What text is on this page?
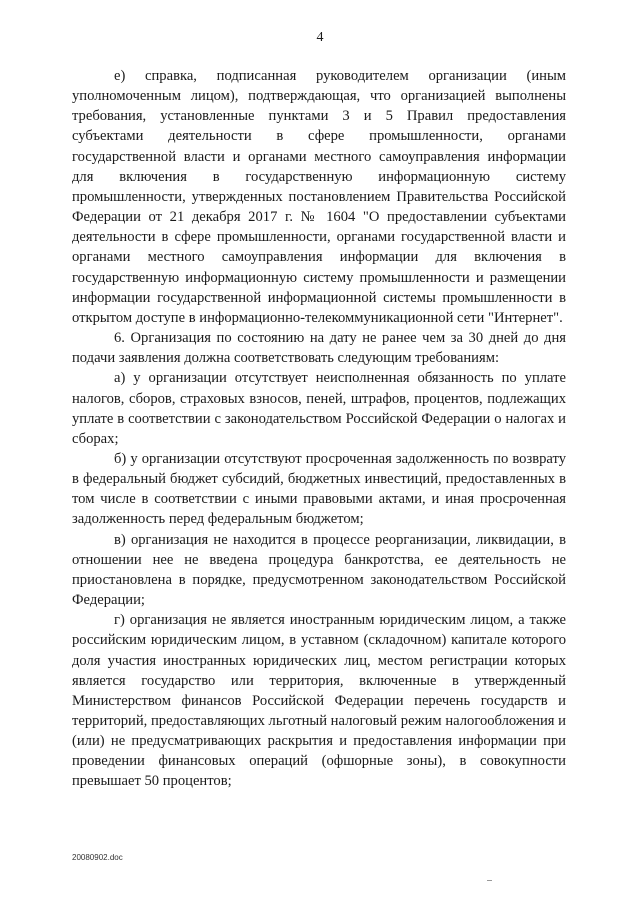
4

е) справка, подписанная руководителем организации (иным уполномоченным лицом), подтверждающая, что организацией выполнены требования, установленные пунктами 3 и 5 Правил предоставления субъектами деятельности в сфере промышленности, органами государственной власти и органами местного самоуправления информации для включения в государственную информационную систему промышленности, утвержденных постановлением Правительства Российской Федерации от 21 декабря 2017 г. № 1604 "О предоставлении субъектами деятельности в сфере промышленности, органами государственной власти и органами местного самоуправления информации для включения в государственную информационную систему промышленности и размещении информации государственной информационной системы промышленности в открытом доступе в информационно-телекоммуникационной сети "Интернет".

6. Организация по состоянию на дату не ранее чем за 30 дней до дня подачи заявления должна соответствовать следующим требованиям:

а) у организации отсутствует неисполненная обязанность по уплате налогов, сборов, страховых взносов, пеней, штрафов, процентов, подлежащих уплате в соответствии с законодательством Российской Федерации о налогах и сборах;

б) у организации отсутствуют просроченная задолженность по возврату в федеральный бюджет субсидий, бюджетных инвестиций, предоставленных в том числе в соответствии с иными правовыми актами, и иная просроченная задолженность перед федеральным бюджетом;

в) организация не находится в процессе реорганизации, ликвидации, в отношении нее не введена процедура банкротства, ее деятельность не приостановлена в порядке, предусмотренном законодательством Российской Федерации;

г) организация не является иностранным юридическим лицом, а также российским юридическим лицом, в уставном (складочном) капитале которого доля участия иностранных юридических лиц, местом регистрации которых является государство или территория, включенные в утвержденный Министерством финансов Российской Федерации перечень государств и территорий, предоставляющих льготный налоговый режим налогообложения и (или) не предусматривающих раскрытия и предоставления информации при проведении финансовых операций (офшорные зоны), в совокупности превышает 50 процентов;

20080902.doc
